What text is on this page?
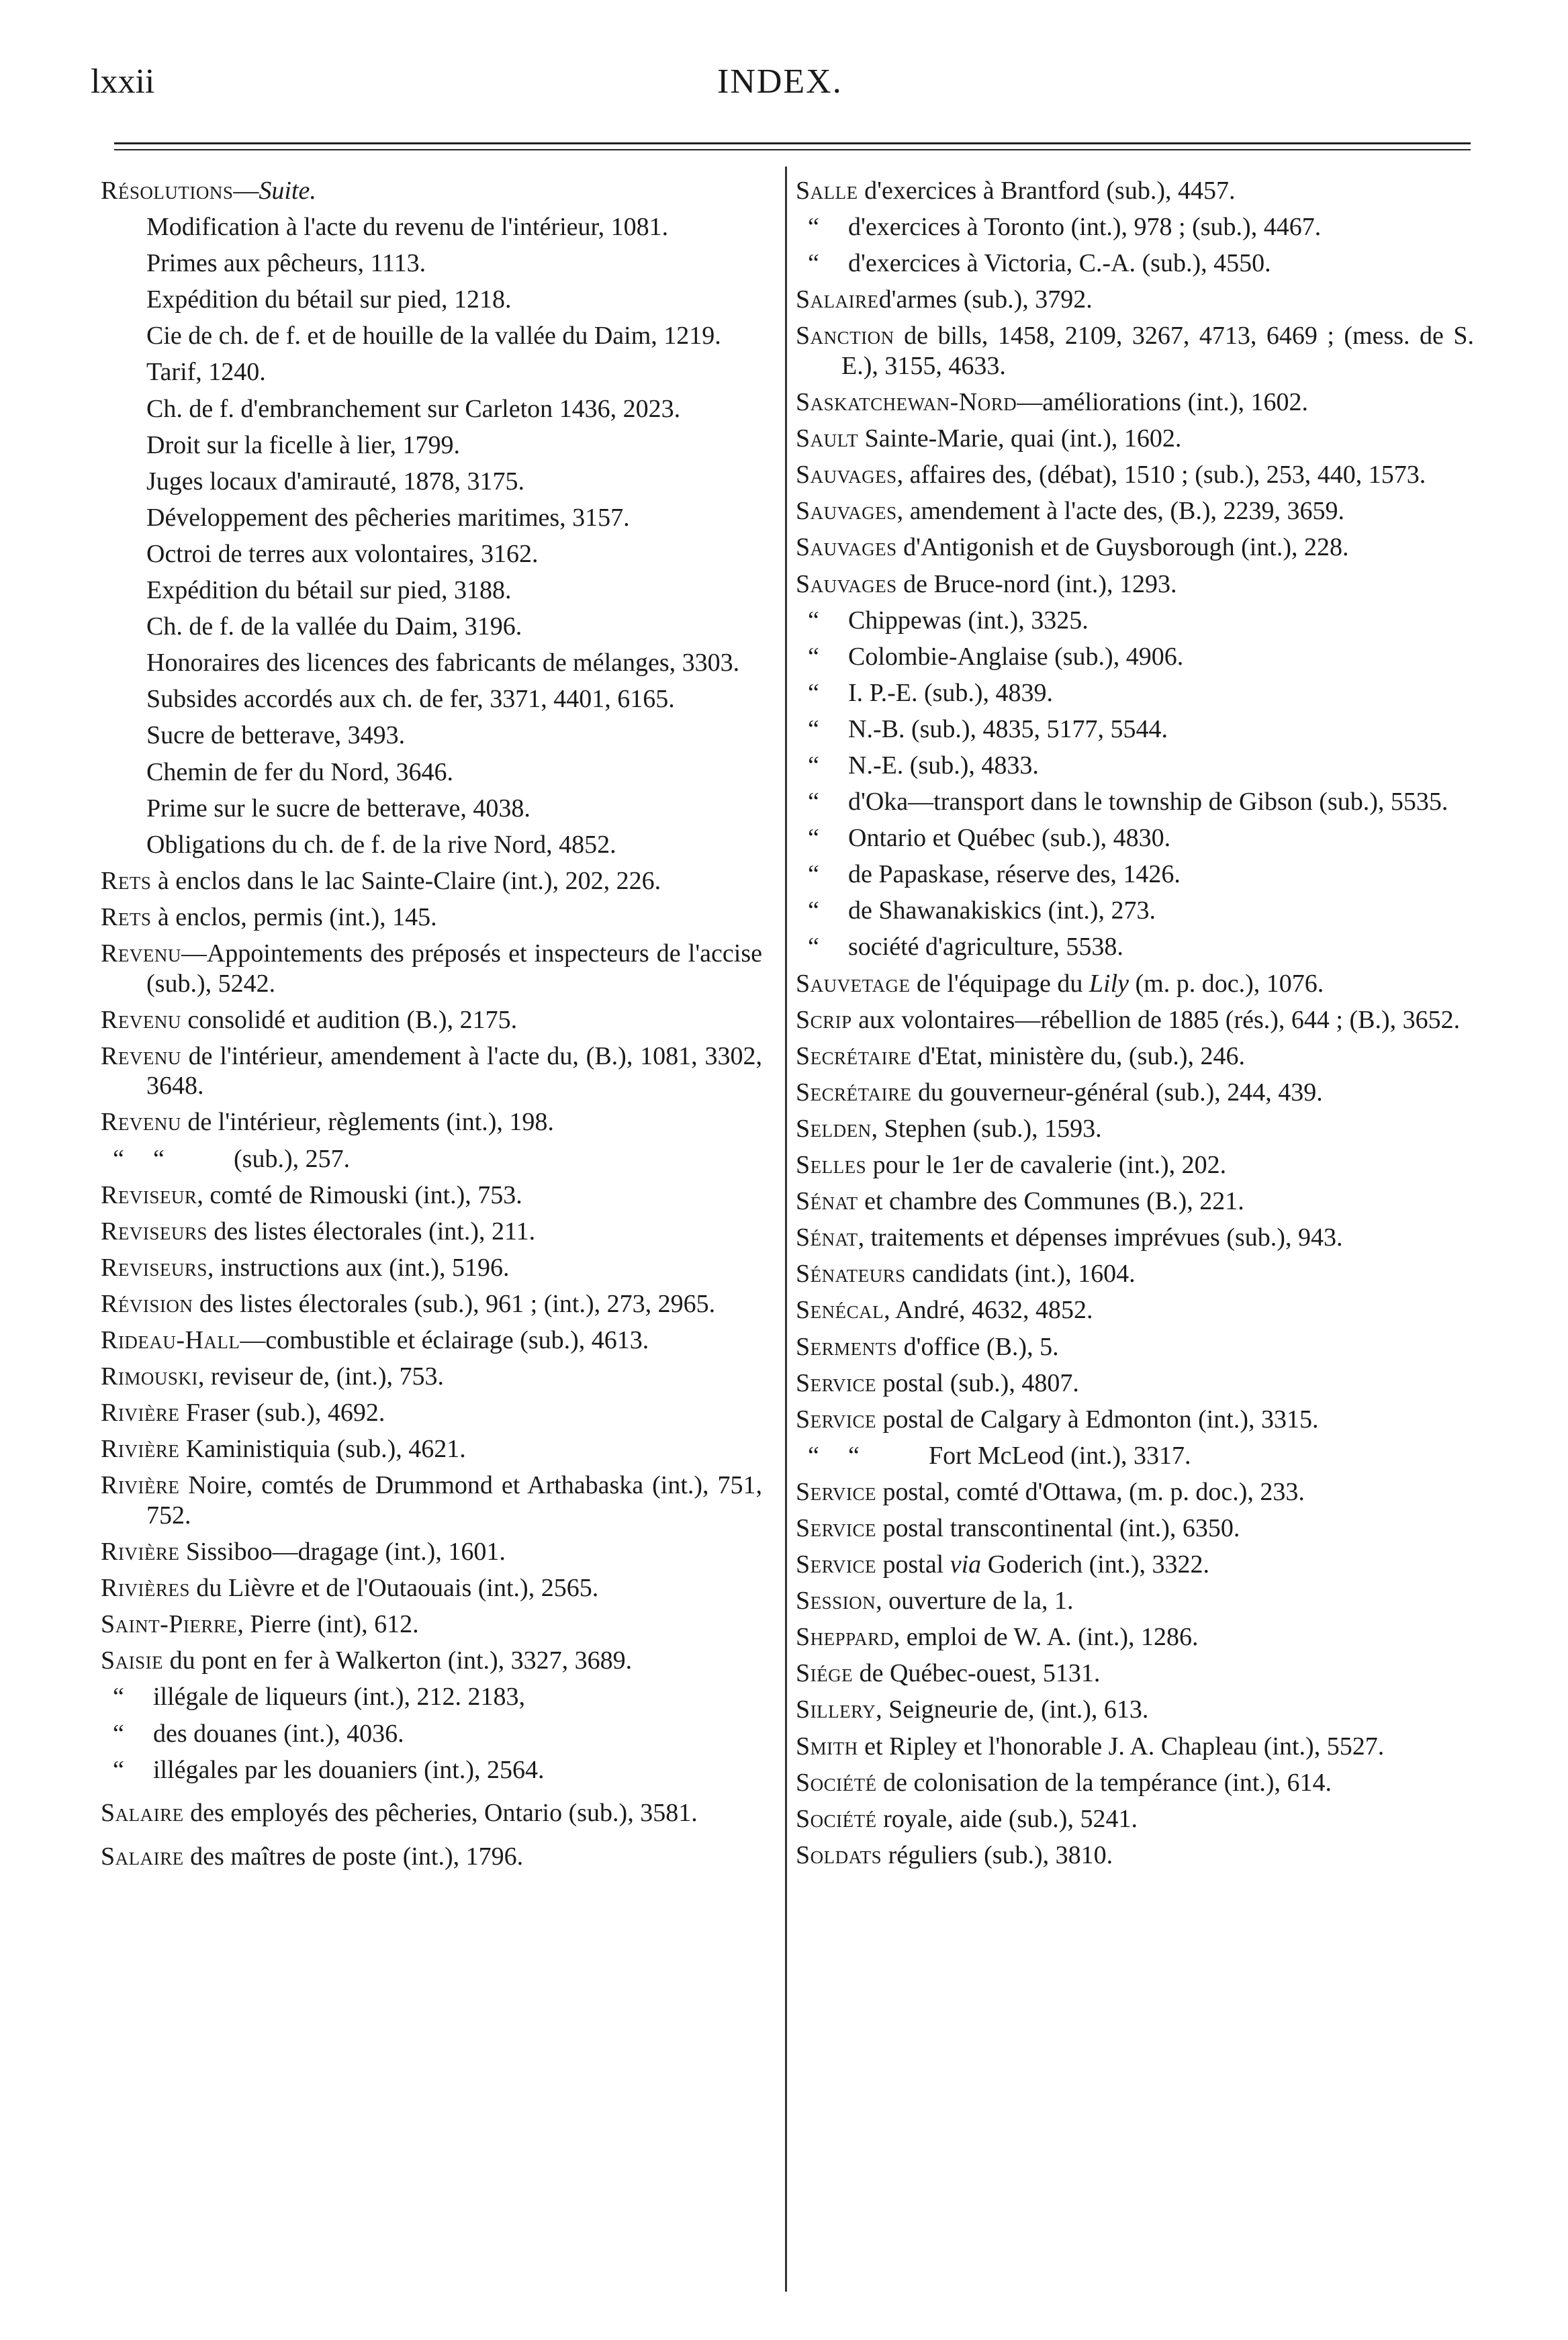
lxxii	INDEX.
Résolutions—Suite.
Modification à l'acte du revenu de l'intérieur, 1081.
Primes aux pêcheurs, 1113.
Expédition du bétail sur pied, 1218.
Cie de ch. de f. et de houille de la vallée du Daim, 1219.
Tarif, 1240.
Ch. de f. d'embranchement sur Carleton 1436, 2023.
Droit sur la ficelle à lier, 1799.
Juges locaux d'amirauté, 1878, 3175.
Développement des pêcheries maritimes, 3157.
Octroi de terres aux volontaires, 3162.
Expédition du bétail sur pied, 3188.
Ch. de f. de la vallée du Daim, 3196.
Honoraires des licences des fabricants de mélanges, 3303.
Subsides accordés aux ch. de fer, 3371, 4401, 6165.
Sucre de betterave, 3493.
Chemin de fer du Nord, 3646.
Prime sur le sucre de betterave, 4038.
Obligations du ch. de f. de la rive Nord, 4852.
Rets à enclos dans le lac Sainte-Claire (int.), 202, 226.
Rets à enclos, permis (int.), 145.
Revenu—Appointements des préposés et inspecteurs de l'accise (sub.), 5242.
Revenu consolidé et audition (B.), 2175.
Revenu de l'intérieur, amendement à l'acte du, (B.), 1081, 3302, 3648.
Revenu de l'intérieur, règlements (int.), 198.
“ “	(sub.), 257.
Reviseur, comté de Rimouski (int.), 753.
Reviseurs des listes électorales (int.), 211.
Reviseurs, instructions aux (int.), 5196.
Révision des listes électorales (sub.), 961 ; (int.), 273, 2965.
Rideau-Hall—combustible et éclairage (sub.), 4613.
Rimouski, reviseur de, (int.), 753.
Rivière Fraser (sub.), 4692.
Rivière Kaministiquia (sub.), 4621.
Rivière Noire, comtés de Drummond et Arthabaska (int.), 751, 752.
Rivière Sissiboo—dragage (int.), 1601.
Rivières du Lièvre et de l'Outaouais (int.), 2565.
Saint-Pierre, Pierre (int), 612.
Saisie du pont en fer à Walkerton (int.), 3327, 3689.
“ illégale de liqueurs (int.), 212. 2183,
“ des douanes (int.), 4036.
“ illégales par les douaniers (int.), 2564.
Salaire des employés des pêcheries, Ontario (sub.), 3581.
Salaire des maîtres de poste (int.), 1796.
Salle d'exercices à Brantford (sub.), 4457.
“ d'exercices à Toronto (int.), 978 ; (sub.), 4467.
“ d'exercices à Victoria, C.-A. (sub.), 4550.
Salaired'armes (sub.), 3792.
Sanction de bills, 1458, 2109, 3267, 4713, 6469 ; (mess. de S. E.), 3155, 4633.
Saskatchewan-Nord—améliorations (int.), 1602.
Sault Sainte-Marie, quai (int.), 1602.
Sauvages, affaires des, (débat), 1510 ; (sub.), 253, 440, 1573.
Sauvages, amendement à l'acte des, (B.), 2239, 3659.
Sauvages d'Antigonish et de Guysborough (int.), 228.
Sauvages de Bruce-nord (int.), 1293.
“ Chippewas (int.), 3325.
“ Colombie-Anglaise (sub.), 4906.
“ I. P.-E. (sub.), 4839.
“ N.-B. (sub.), 4835, 5177, 5544.
“ N.-E. (sub.), 4833.
“ d'Oka—transport dans le township de Gibson (sub.), 5535.
“ Ontario et Québec (sub.), 4830.
“ de Papaskase, réserve des, 1426.
“ de Shawanakiskics (int.), 273.
“ société d'agriculture, 5538.
Sauvetage de l'équipage du Lily (m. p. doc.), 1076.
Scrip aux volontaires—rébellion de 1885 (rés.), 644 ; (B.), 3652.
Secrétaire d'Etat, ministère du, (sub.), 246.
Secrétaire du gouverneur-général (sub.), 244, 439.
Selden, Stephen (sub.), 1593.
Selles pour le 1er de cavalerie (int.), 202.
Sénat et chambre des Communes (B.), 221.
Sénat, traitements et dépenses imprévues (sub.), 943.
Sénateurs candidats (int.), 1604.
Senécal, André, 4632, 4852.
Serments d'office (B.), 5.
Service postal (sub.), 4807.
Service postal de Calgary à Edmonton (int.), 3315.
“ “	Fort McLeod (int.), 3317.
Service postal, comté d'Ottawa, (m. p. doc.), 233.
Service postal transcontinental (int.), 6350.
Service postal via Goderich (int.), 3322.
Session, ouverture de la, 1.
Sheppard, emploi de W. A. (int.), 1286.
Siége de Québec-ouest, 5131.
Sillery, Seigneurie de, (int.), 613.
Smith et Ripley et l'honorable J. A. Chapleau (int.), 5527.
Société de colonisation de la tempérance (int.), 614.
Société royale, aide (sub.), 5241.
Soldats réguliers (sub.), 3810.
